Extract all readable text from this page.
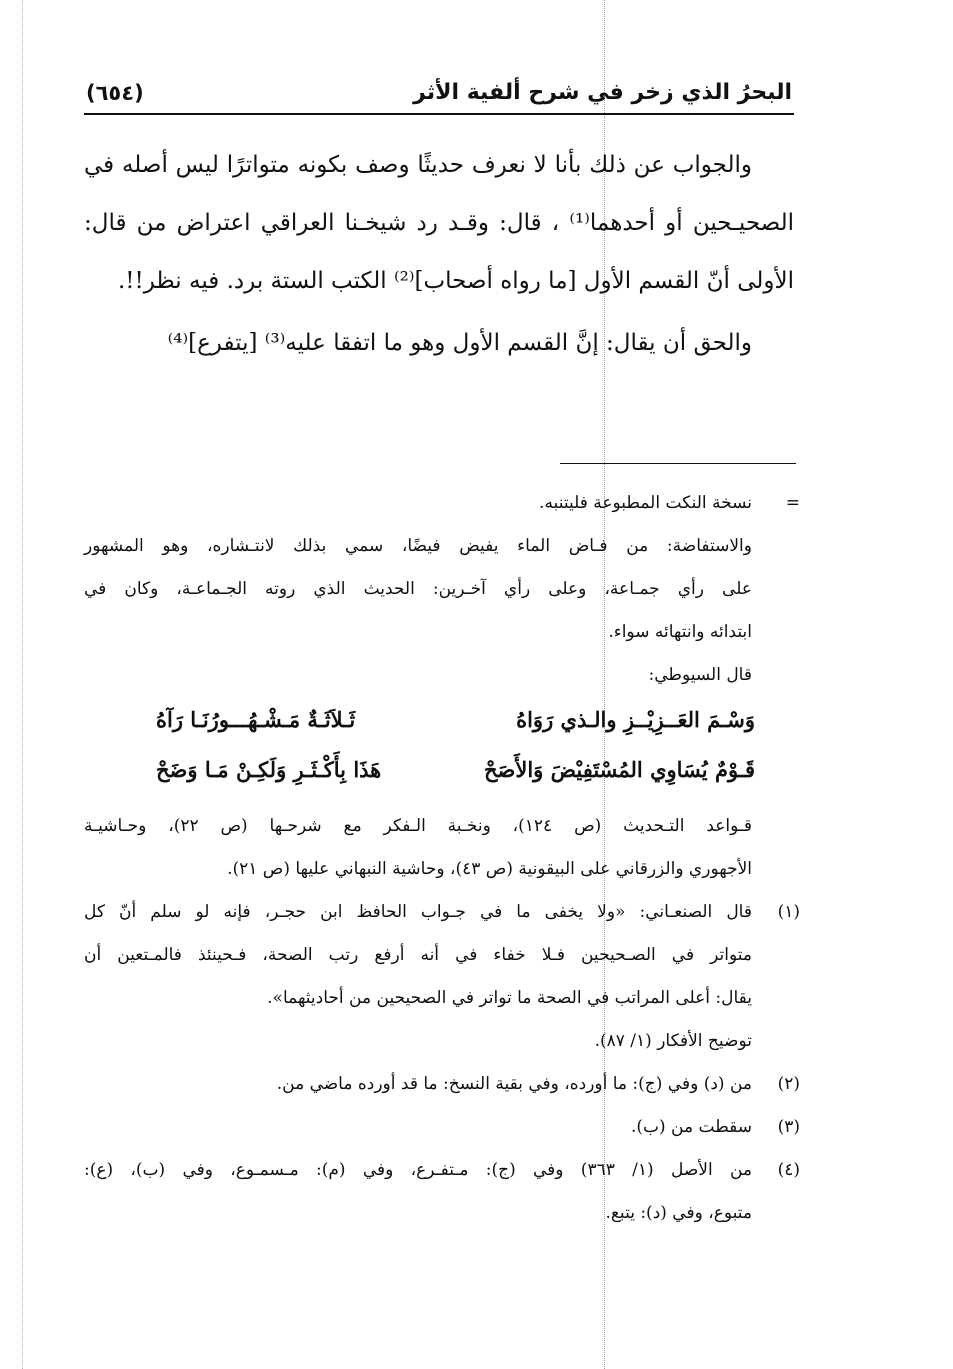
البحرُ الذي زخر في شرح ألفية الأثر
(٦٥٤)

والجواب عن ذلك بأنا لا نعرف حديثًا وصف بكونه متواترًا ليس أصله في الصحيـحين أو أحدهما⁽¹⁾ ، قال: وقـد رد شيخـنا العراقي اعتراض من قال: الأولى أنّ القسم الأول [ما رواه أصحاب]⁽²⁾ الكتب الستة برد. فيه نظر!!.

والحق أن يقال: إنَّ القسم الأول وهو ما اتفقا عليه⁽³⁾ [يتفرع]⁽⁴⁾

=
نسخة النكت المطبوعة فليتنبه.
والاستفاضة: من فـاض الماء يفيض فيضًا، سمي بذلك لانتـشاره، وهو المشهور
على رأي جمـاعة، وعلى رأي آخـرين: الحديث الذي روته الجـماعـة، وكان في
ابتدائه وانتهائه سواء.
قال السيوطي:
وَسْـمَ العَــزِيْــزِ والـذي رَوَاهُ
ثَـلاَثَـةٌ مَـشْـهُـــورُنَـا رَآهُ
قَـوْمٌ يُسَاوِي المُسْتَفِيْضَ وَالأَصَحْ
هَذَا بِأَكْـثَـرِ وَلَكِـنْ مَـا وَضَحْ
قـواعد التـحديث (ص ١٢٤)، ونخـبة الـفكر مع شرحـها (ص ٢٢)، وحـاشيـة
الأجهوري والزرقاني على البيقونية (ص ٤٣)، وحاشية النبهاني عليها (ص ٢١).
(١)
قال الصنعـاني: «ولا يخفى ما في جـواب الحافظ ابن حجـر، فإنه لو سلم أنّ كل
متواتر في الصـحيحين فـلا خفاء في أنه أرفع رتب الصحة، فـحينئذ فالمـتعين أن
يقال: أعلى المراتب في الصحة ما تواتر في الصحيحين من أحاديثهما».
توضيح الأفكار (١/ ٨٧).
(٢)
من (د) وفي (ج): ما أورده، وفي بقية النسخ: ما قد أورده ماضي من.
(٣)
سقطت من (ب).
(٤)
من الأصل (١/ ٣٦٣) وفي (ج): مـتفـرع، وفي (م): مـسمـوع، وفي (ب)، (ع):
متبوع، وفي (د): يتبع.
